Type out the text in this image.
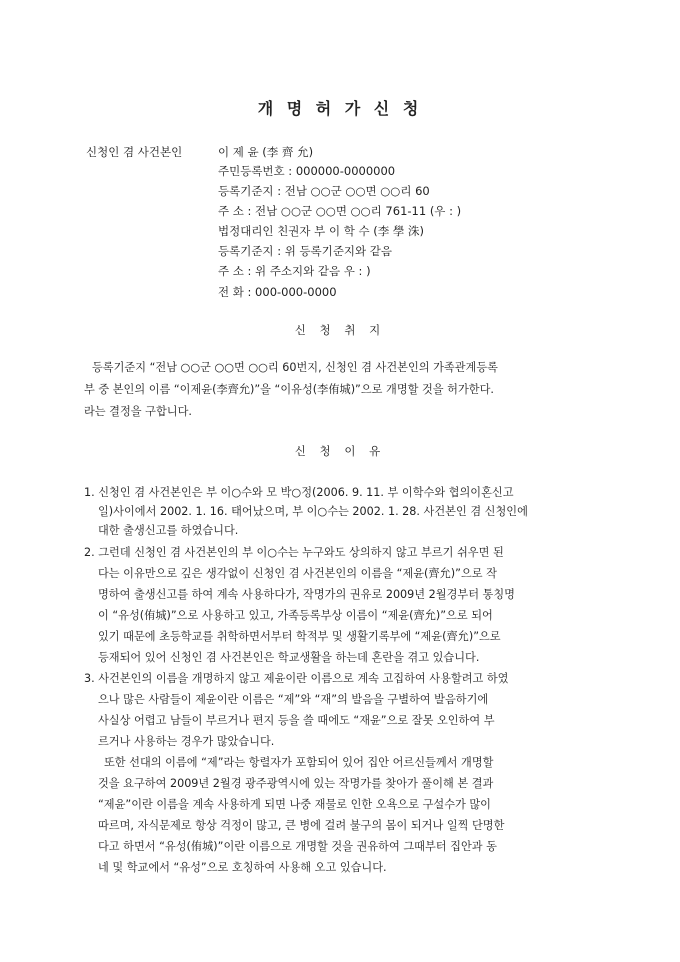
개 명 허 가 신 청
신청인 겸 사건본인	이 제 윤 (李 齊 允)
주민등록번호 : 000000-0000000
등록기준지 : 전남 ○○군 ○○면 ○○리 60
주 소 : 전남 ○○군 ○○면 ○○리 761-11 (우 : )
법정대리인 친권자 부 이 학 수 (李 學 洙)
등록기준지 : 위 등록기준지와 같음
주 소 : 위 주소지와 같음 우 : )
전 화 : 000-000-0000
신 청 취 지
등록기준지 “전남 ○○군 ○○면 ○○리 60번지, 신청인 겸 사건본인의 가족관계등록
부 중 본인의 이름 “이제윤(李齊允)”을 “이유성(李侑城)”으로 개명할 것을 허가한다.
라는 결정을 구합니다.
신 청 이 유
1. 신청인 겸 사건본인은 부 이○수와 모 박○정(2006. 9. 11. 부 이학수와 협의이혼신고
일)사이에서 2002. 1. 16. 태어났으며, 부 이○수는 2002. 1. 28. 사건본인 겸 신청인에
대한 출생신고를 하였습니다.
2. 그런데 신청인 겸 사건본인의 부 이○수는 누구와도 상의하지 않고 부르기 쉬우면 된
다는 이유만으로 깊은 생각없이 신청인 겸 사건본인의 이름을 “제윤(齊允)”으로 작
명하여 출생신고를 하여 계속 사용하다가, 작명가의 권유로 2009년 2월경부터 통칭명
이 “유성(侑城)”으로 사용하고 있고, 가족등록부상 이름이 “제윤(齊允)”으로 되어
있기 때문에 초등학교를 취학하면서부터 학적부 및 생활기록부에 “제윤(齊允)”으로
등재되어 있어 신청인 겸 사건본인은 학교생활을 하는데 혼란을 겪고 있습니다.
3. 사건본인의 이름을 개명하지 않고 제윤이란 이름으로 계속 고집하여 사용할려고 하였
으나 많은 사람들이 제윤이란 이름은 “제”와 “재”의 발음을 구별하여 발음하기에
사실상 어렵고 남들이 부르거나 편지 등을 쓸 때에도 “재윤”으로 잘못 오인하여 부
르거나 사용하는 경우가 많았습니다.
또한 선대의 이름에 “제”라는 항렬자가 포함되어 있어 집안 어르신들께서 개명할
것을 요구하여 2009년 2월경 광주광역시에 있는 작명가를 찾아가 풀이해 본 결과
“제윤”이란 이름을 계속 사용하게 되면 나중 재물로 인한 오욕으로 구설수가 많이
따르며, 자식문제로 항상 걱정이 많고, 큰 병에 걸려 불구의 몸이 되거나 일찍 단명한
다고 하면서 “유성(侑城)”이란 이름으로 개명할 것을 권유하여 그때부터 집안과 동
네 및 학교에서 “유성”으로 호칭하여 사용해 오고 있습니다.
